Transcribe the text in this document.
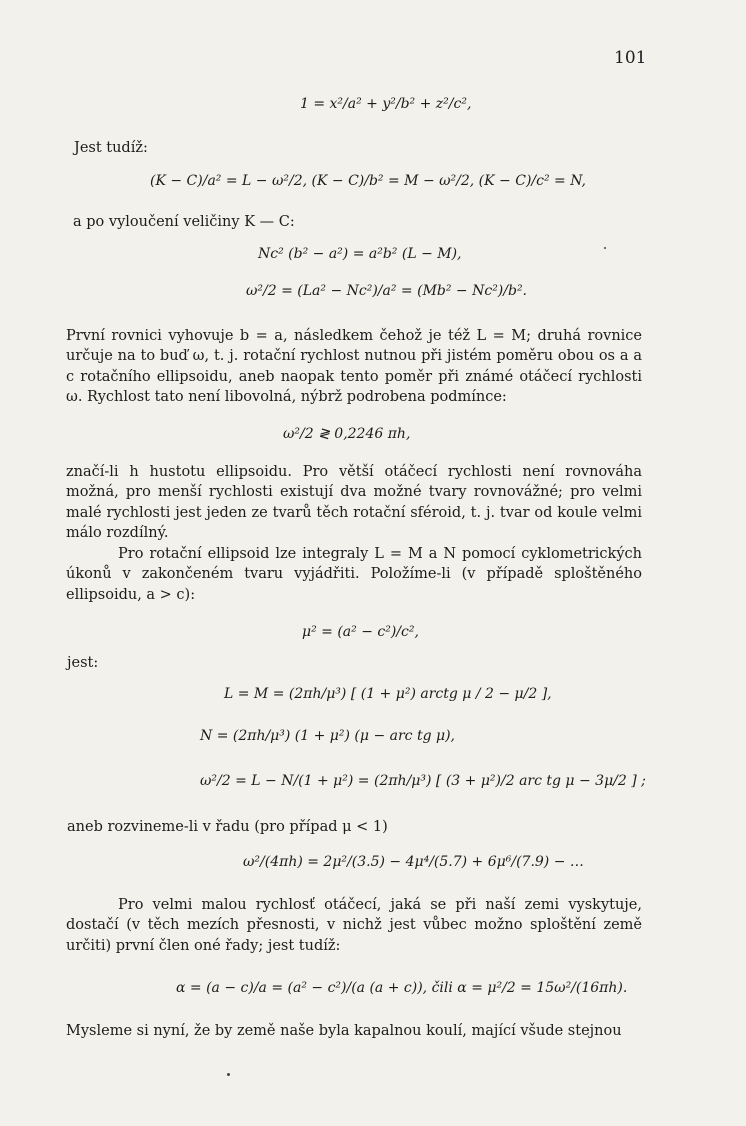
101
1 = x²/a² + y²/b² + z²/c²,
Jest tudíž:
(K − C)/a² = L − ω²/2, (K − C)/b² = M − ω²/2, (K − C)/c² = N,
a po vyloučení veličiny K — C:
Nc² (b² − a²) = a²b² (L − M),
ω²/2 = (La² − Nc²)/a² = (Mb² − Nc²)/b².
První rovnici vyhovuje b = a, následkem čehož je též L = M; druhá rovnice určuje na to buď ω, t. j. rotační rychlost nutnou při jistém poměru obou os a a c rotačního ellipsoidu, aneb naopak tento poměr při známé otáčecí rychlosti ω. Rychlost tato není libovolná, nýbrž podrobena podmínce:
ω²/2 ≷ 0,2246 πh,
značí-li h hustotu ellipsoidu. Pro větší otáčecí rychlosti není rovnováha možná, pro menší rychlosti existují dva možné tvary rovnovážné; pro velmi malé rychlosti jest jeden ze tvarů těch rotační sféroid, t. j. tvar od koule velmi málo rozdílný.
Pro rotační ellipsoid lze integraly L = M a N pomocí cyklometrických úkonů v zakončeném tvaru vyjádřiti. Položíme-li (v případě sploštěného ellipsoidu, a > c):
μ² = (a² − c²)/c²,
jest:
L = M = (2πh/μ³) [ (1 + μ²) arctg μ / 2 − μ/2 ],
N = (2πh/μ³) (1 + μ²) (μ − arc tg μ),
ω²/2 = L − N/(1 + μ²) = (2πh/μ³) [ (3 + μ²)/2 arc tg μ − 3μ/2 ] ;
aneb rozvineme-li v řadu (pro případ μ < 1)
ω²/(4πh) = 2μ²/(3.5) − 4μ⁴/(5.7) + 6μ⁶/(7.9) − …
Pro velmi malou rychlosť otáčecí, jaká se při naší zemi vyskytuje, dostačí (v těch mezích přesnosti, v nichž jest vůbec možno sploštění země určiti) první člen oné řady; jest tudíž:
α = (a − c)/a = (a² − c²)/(a (a + c)), čili α = μ²/2 = 15ω²/(16πh).
Mysleme si nyní, že by země naše byla kapalnou koulí, mající všude stejnou
